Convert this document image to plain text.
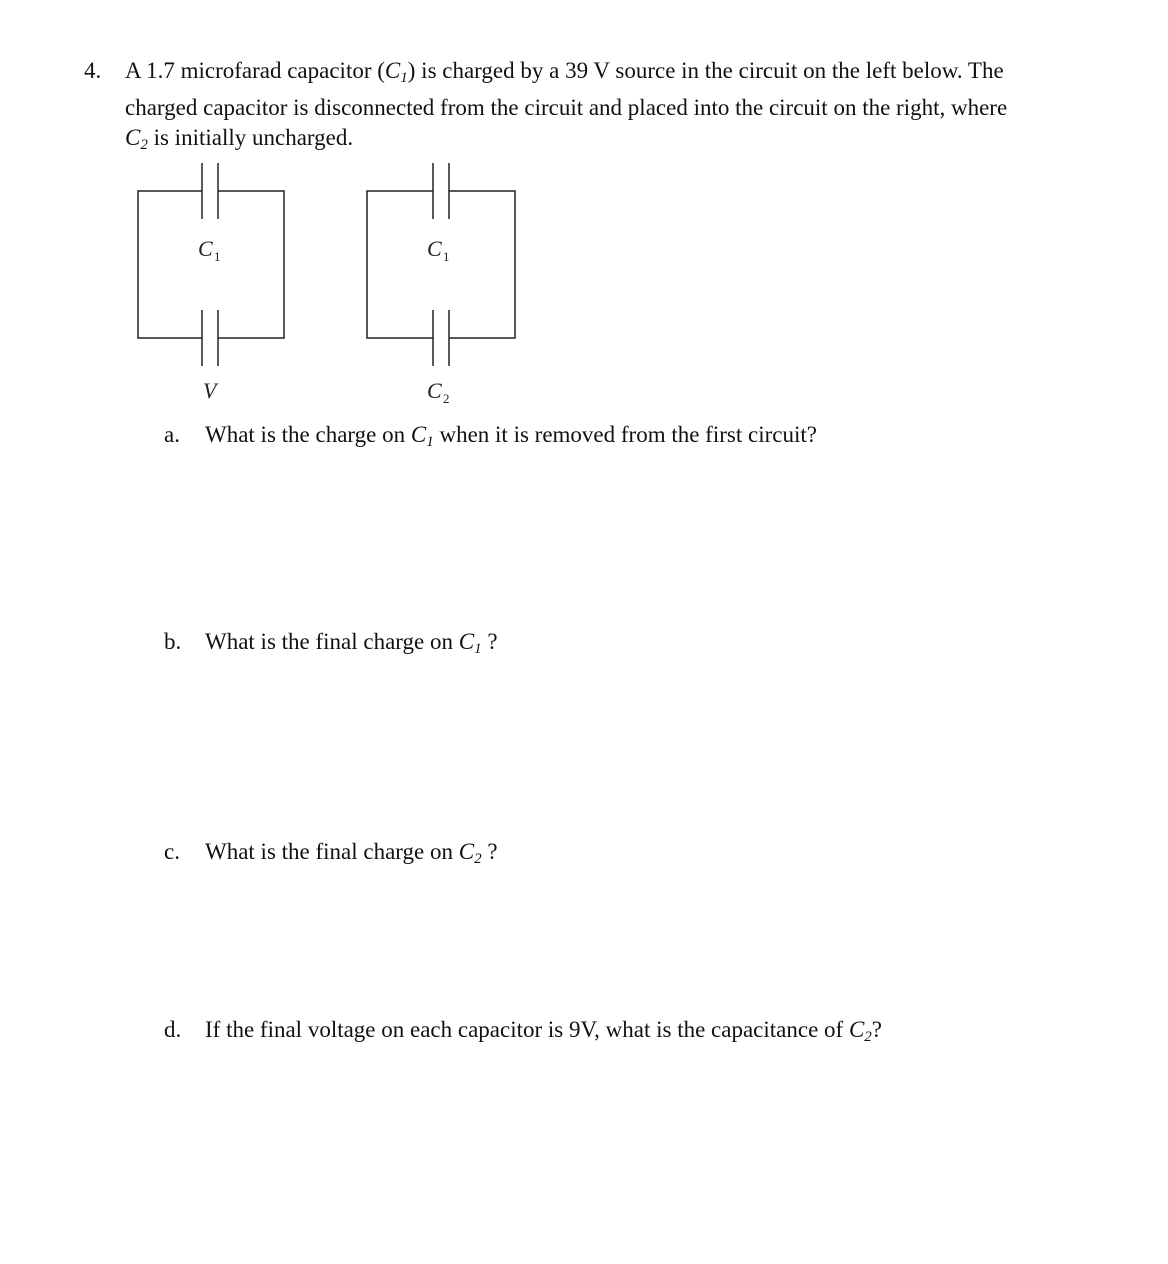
4. A 1.7 microfarad capacitor $(C_1)$ is charged by a 39 V source in the circuit on the left below. The
charged capacitor is disconnected from the circuit and placed into the circuit on the right, where
$C_2$ is initially uncharged.
C 1
V
C 1
C 2
a. What is the charge on $C_1$ when it is removed from the first circuit?
b. What is the final charge on $C_1$ ?
c. What is the final charge on $C_2$ ?
d. If the final voltage on each capacitor is 9V, what is the capacitance of $C_2$?
